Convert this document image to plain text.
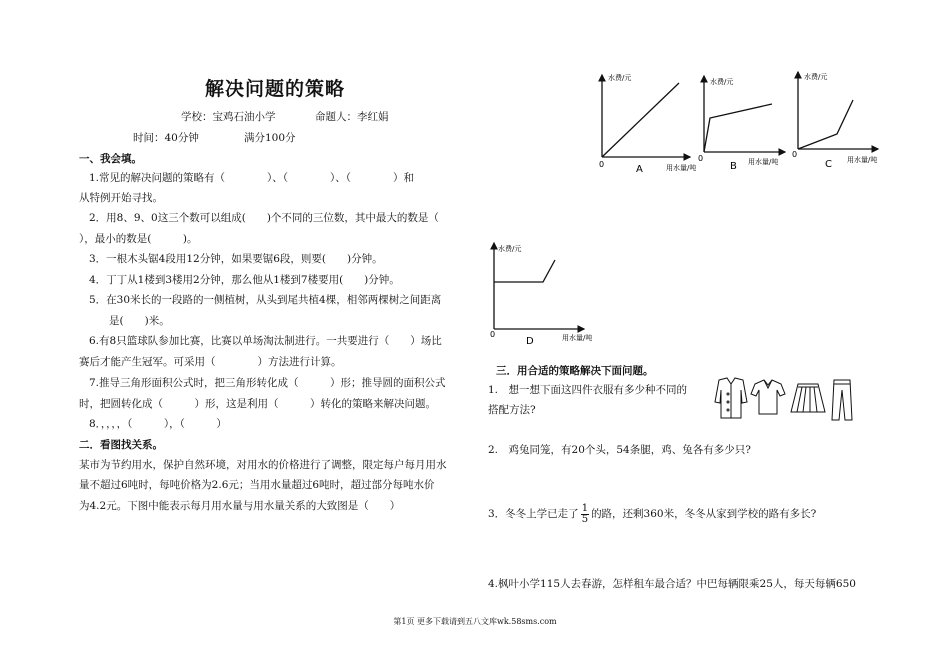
解决问题的策略
学校：宝鸡石油小学	命题人：李红娟
时间：40分钟	满分100分
一、我会填。
1.常见的解决问题的策略有（　　　　）、（　　　　）、（　　　　）和
从特例开始寻找。
2．用8、9、0这三个数可以组成(　　)个不同的三位数，其中最大的数是（
），最小的数是(　　　)。
3．一根木头锯4段用12分钟，如果要锯6段，则要(　　)分钟。
4．丁丁从1楼到3楼用2分钟，那么他从1楼到7楼要用(　　)分钟。
5．在30米长的一段路的一侧植树，从头到尾共植4棵，相邻两棵树之间距离
是(　　)米。
6.有8只篮球队参加比赛，比赛以单场淘汰制进行。一共要进行（　　）场比
赛后才能产生冠军。可采用（　　　　）方法进行计算。
7.推导三角形面积公式时，把三角形转化成（　　　）形；推导圆的面积公式
时，把圆转化成（　　　）形，这是利用（　　　）转化的策略来解决问题。
8．，，，，（　　　），（　　　）
二．看图找关系。
某市为节约用水，保护自然环境，对用水的价格进行了调整，限定每户每月用水
量不超过6吨时，每吨价格为2.6元；当用水量超过6吨时，超过部分每吨水价
为4.2元。下图中能表示每月用水量与用水量关系的大致图是（　　）
水费/元
用水量/吨
0	A
水费/元
用水量/吨
0
B
水费/元
用水量/吨
0
C
水费/元
用水量/吨
0
D
三．用合适的策略解决下面问题。
1.　想一想下面这四件衣服有多少种不同的
搭配方法?
2.　鸡兔同笼，有20个头，54条腿，鸡、兔各有多少只?
3．冬冬上学已走了 $\frac{1}{5}$ 的路，还剩360米，冬冬从家到学校的路有多长?
4.枫叶小学115人去春游，怎样租车最合适？中巴每辆限乘25人，每天每辆650
第1页 更多下载请到五八文库wk.58sms.com
